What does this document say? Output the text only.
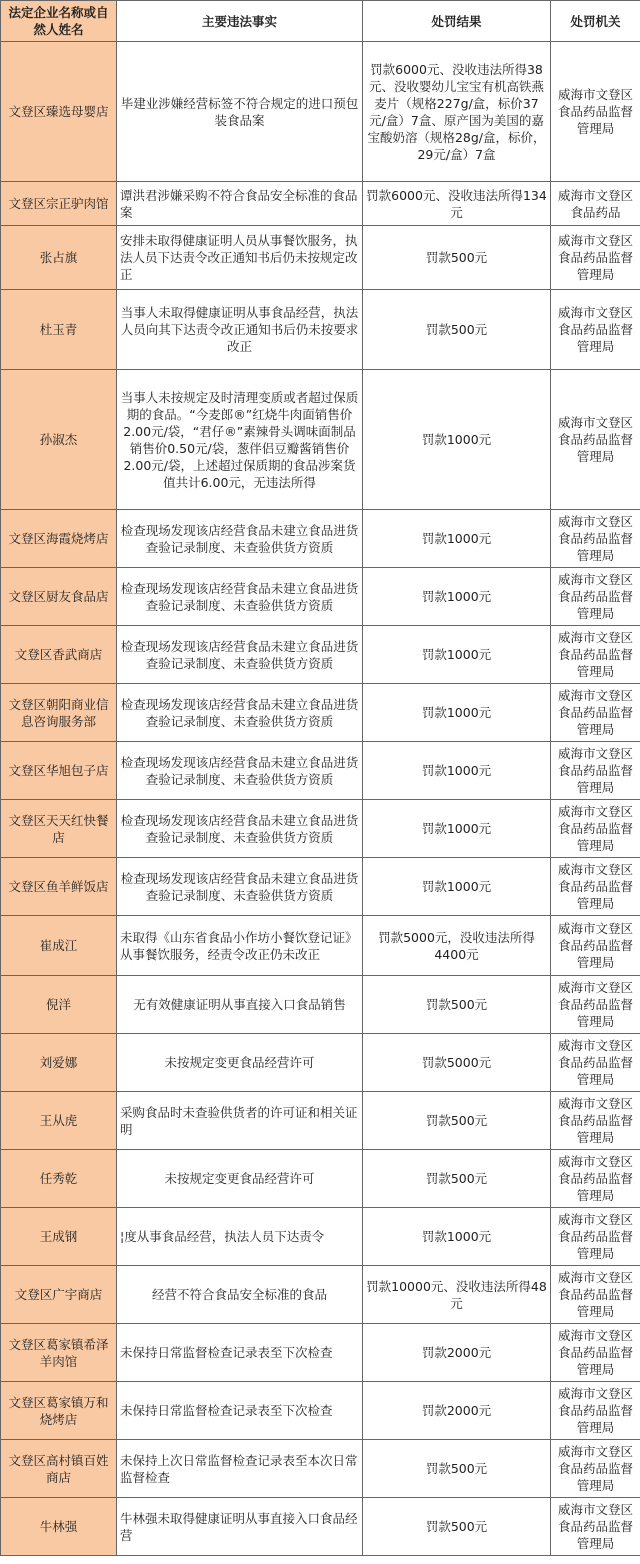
法定企业名称或自然人姓名	主要违法事实	处罚结果	处罚机关
文登区臻选母婴店	毕建业涉嫌经营标签不符合规定的进口预包装食品案	罚款6000元、没收违法所得38元、没收婴幼儿宝宝有机高铁燕麦片（规格227g/盒，标价37元/盒）7盒、原产国为美国的嘉宝酸奶溶（规格28g/盒，标价，29元/盒）7盒	威海市文登区食品药品监督管理局
文登区宗正驴肉馆	谭洪君涉嫌采购不符合食品安全标准的食品案	罚款6000元、没收违法所得134元	威海市文登区食品药品
张占旗	安排未取得健康证明人员从事餐饮服务，执法人员下达责令改正通知书后仍未按规定改正	罚款500元	威海市文登区食品药品监督管理局
杜玉青	当事人未取得健康证明从事食品经营，执法人员向其下达责令改正通知书后仍未按要求改正	罚款500元	威海市文登区食品药品监督管理局
孙淑杰	当事人未按规定及时清理变质或者超过保质期的食品。“今麦郎®”红烧牛肉面销售价2.00元/袋，“君仔®”素辣骨头调味面制品销售价0.50元/袋，葱伴侣豆瓣酱销售价2.00元/袋，上述超过保质期的食品涉案货值共计6.00元，无违法所得	罚款1000元	威海市文登区食品药品监督管理局
文登区海霞烧烤店	检查现场发现该店经营食品未建立食品进货查验记录制度、未查验供货方资质	罚款1000元	威海市文登区食品药品监督管理局
文登区厨友食品店	检查现场发现该店经营食品未建立食品进货查验记录制度、未查验供货方资质	罚款1000元	威海市文登区食品药品监督管理局
文登区香武商店	检查现场发现该店经营食品未建立食品进货查验记录制度、未查验供货方资质	罚款1000元	威海市文登区食品药品监督管理局
文登区朝阳商业信息咨询服务部	检查现场发现该店经营食品未建立食品进货查验记录制度、未查验供货方资质	罚款1000元	威海市文登区食品药品监督管理局
文登区华旭包子店	检查现场发现该店经营食品未建立食品进货查验记录制度、未查验供货方资质	罚款1000元	威海市文登区食品药品监督管理局
文登区天天红快餐店	检查现场发现该店经营食品未建立食品进货查验记录制度、未查验供货方资质	罚款1000元	威海市文登区食品药品监督管理局
文登区鱼羊鲜饭店	检查现场发现该店经营食品未建立食品进货查验记录制度、未查验供货方资质	罚款1000元	威海市文登区食品药品监督管理局
崔成江	未取得《山东省食品小作坊小餐饮登记证》从事餐饮服务，经责令改正仍未改正	罚款5000元，没收违法所得4400元	威海市文登区食品药品监督管理局
倪洋	无有效健康证明从事直接入口食品销售	罚款500元	威海市文登区食品药品监督管理局
刘爱娜	未按规定变更食品经营许可	罚款5000元	威海市文登区食品药品监督管理局
王从虎	采购食品时未查验供货者的许可证和相关证明	罚款500元	威海市文登区食品药品监督管理局
任秀乾	未按规定变更食品经营许可	罚款500元	威海市文登区食品药品监督管理局
王成钢	¦度从事食品经营，执法人员下达责令	罚款1000元	威海市文登区食品药品监督管理局
文登区广宇商店	经营不符合食品安全标准的食品	罚款10000元、没收违法所得48元	威海市文登区食品药品监督管理局
文登区葛家镇希泽羊肉馆	未保持日常监督检查记录表至下次检查	罚款2000元	威海市文登区食品药品监督管理局
文登区葛家镇万和烧烤店	未保持日常监督检查记录表至下次检查	罚款2000元	威海市文登区食品药品监督管理局
文登区高村镇百姓商店	未保持上次日常监督检查记录表至本次日常监督检查	罚款500元	威海市文登区食品药品监督管理局
牛林强	牛林强未取得健康证明从事直接入口食品经营	罚款500元	威海市文登区食品药品监督管理局
